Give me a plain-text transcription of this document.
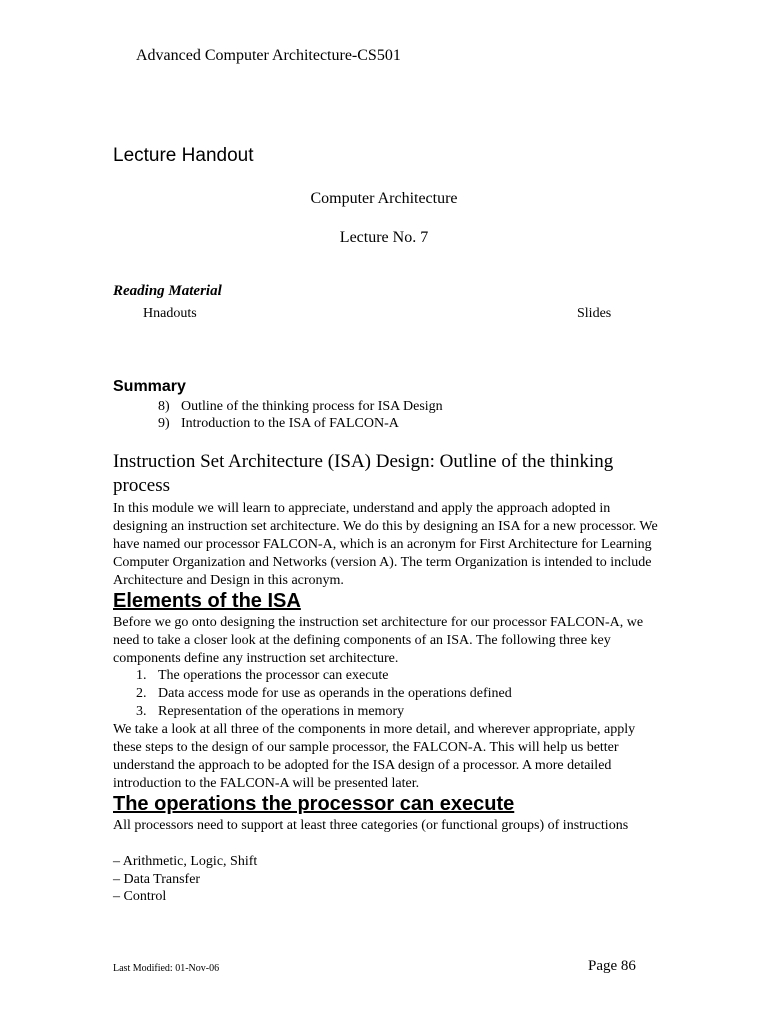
Advanced Computer Architecture-CS501
Lecture Handout
Computer Architecture
Lecture No. 7
Reading Material
Hnadouts	Slides
Summary
8) Outline of the thinking process for ISA Design
9) Introduction to the ISA of FALCON-A
Instruction Set Architecture (ISA) Design: Outline of the thinking process
In this module we will learn to appreciate, understand and apply the approach adopted in designing an instruction set architecture. We do this by designing an ISA for a new processor. We have named our processor FALCON-A, which is an acronym for First Architecture for Learning Computer Organization and Networks (version A). The term Organization is intended to include Architecture and Design in this acronym.
Elements of the ISA
Before we go onto designing the instruction set architecture for our processor FALCON-A, we need to take a closer look at the defining components of an ISA. The following three key components define any instruction set architecture.
1. The operations the processor can execute
2. Data access mode for use as operands in the operations defined
3. Representation of the operations in memory
We take a look at all three of the components in more detail, and wherever appropriate, apply these steps to the design of our sample processor, the FALCON-A. This will help us better understand the approach to be adopted for the ISA design of a processor. A more detailed introduction to the FALCON-A will be presented later.
The operations the processor can execute
All processors need to support at least three categories (or functional groups) of instructions
– Arithmetic, Logic, Shift
– Data Transfer
– Control
Last Modified: 01-Nov-06	Page 86
